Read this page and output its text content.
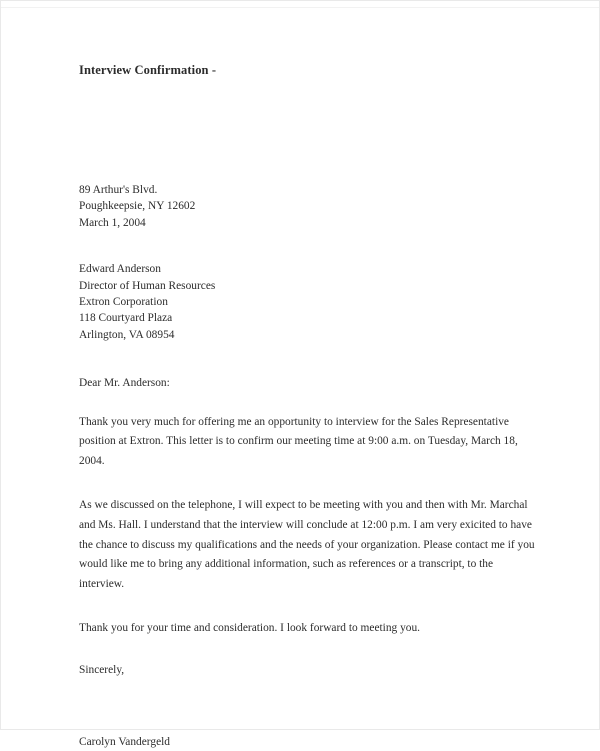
Interview Confirmation -
89 Arthur's Blvd.
Poughkeepsie, NY 12602
March 1, 2004
Edward Anderson
Director of Human Resources
Extron Corporation
118 Courtyard Plaza
Arlington, VA 08954
Dear Mr. Anderson:

Thank you very much for offering me an opportunity to interview for the Sales Representative position at Extron. This letter is to confirm our meeting time at 9:00 a.m. on Tuesday, March 18, 2004.

As we discussed on the telephone, I will expect to be meeting with you and then with Mr. Marchal and Ms. Hall. I understand that the interview will conclude at 12:00 p.m. I am very exicited to have the chance to discuss my qualifications and the needs of your organization. Please contact me if you would like me to bring any additional information, such as references or a transcript, to the interview.

Thank you for your time and consideration. I look forward to meeting you.

Sincerely,
Carolyn Vandergeld
